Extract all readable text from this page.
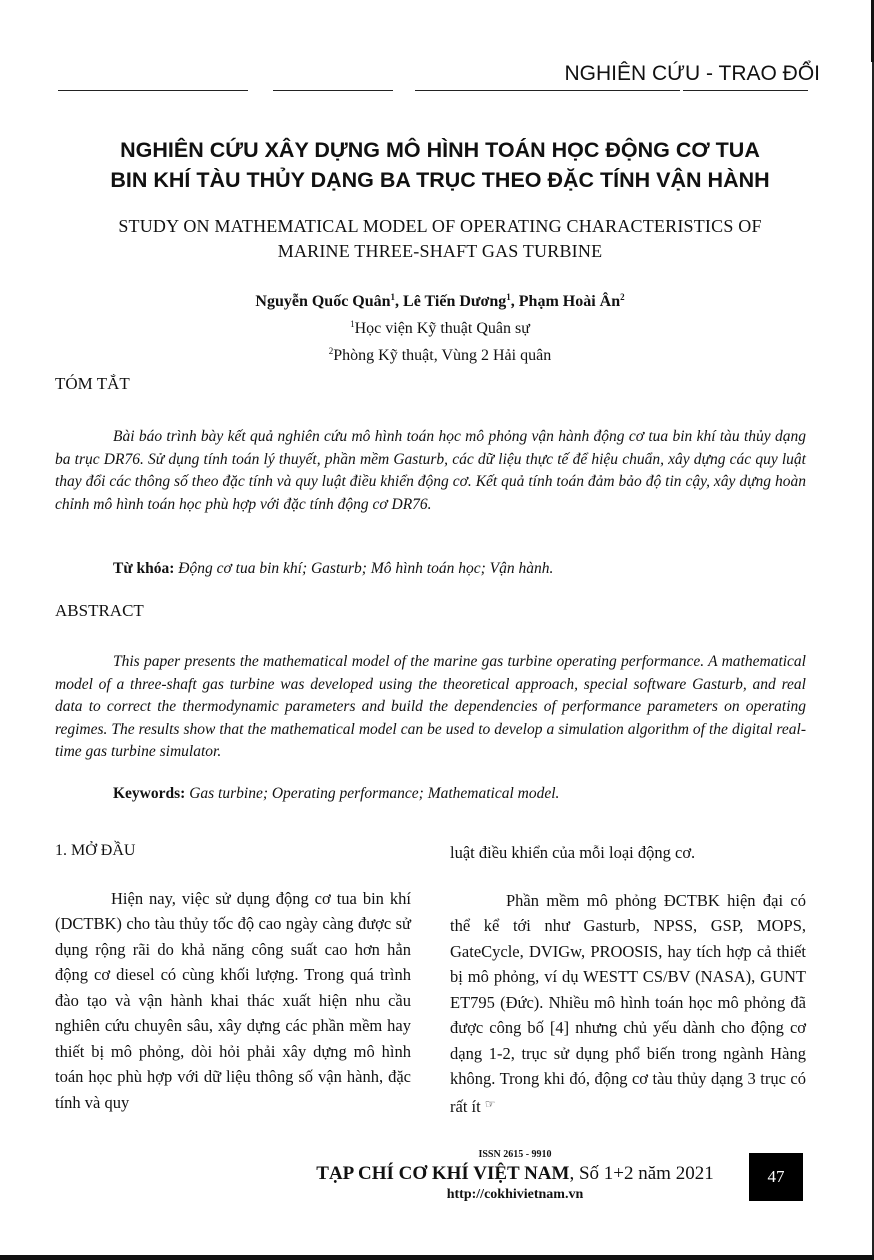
NGHIÊN CỨU - TRAO ĐỔI
NGHIÊN CỨU XÂY DỰNG MÔ HÌNH TOÁN HỌC ĐỘNG CƠ TUA
BIN KHÍ TÀU THỦY DẠNG BA TRỤC THEO ĐẶC TÍNH VẬN HÀNH
STUDY ON MATHEMATICAL MODEL OF OPERATING CHARACTERISTICS OF
MARINE THREE-SHAFT GAS TURBINE
Nguyễn Quốc Quân$^1$, Lê Tiến Dương$^1$, Phạm Hoài $Ân^2$
$^1$Học viện Kỹ thuật Quân sự
$^2$Phòng Kỹ thuật, Vùng 2 Hải quân
TÓM TẮT

Bài báo trình bày kết quả nghiên cứu mô hình toán học mô phỏng vận hành động cơ tua bin khí tàu thủy dạng ba trục DR76. Sử dụng tính toán lý thuyết, phần mềm Gasturb, các dữ liệu thực tế để hiệu chuẩn, xây dựng các quy luật thay đổi các thông số theo đặc tính và quy luật điều khiển động cơ. Kết quả tính toán đảm bảo độ tin cậy, xây dựng hoàn chỉnh mô hình toán học phù hợp với đặc tính động cơ DR76.

Từ khóa: Động cơ tua bin khí; Gasturb; Mô hình toán học; Vận hành.
ABSTRACT

This paper presents the mathematical model of the marine gas turbine operating performance. A mathematical model of a three-shaft gas turbine was developed using the theoretical approach, special software Gasturb, and real data to correct the thermodynamic parameters and build the dependencies of performance parameters on operating regimes. The results show that the mathematical model can be used to develop a simulation algorithm of the digital real-time gas turbine simulator.

Keywords: Gas turbine; Operating performance; Mathematical model.

1. MỞ ĐẦU

Hiện nay, việc sử dụng động cơ tua bin khí (DCTBK) cho tàu thủy tốc độ cao ngày càng được sử dụng rộng rãi do khả năng công suất cao hơn hẳn động cơ diesel có cùng khối lượng. Trong quá trình đào tạo và vận hành khai thác xuất hiện nhu cầu nghiên cứu chuyên sâu, xây dựng các phần mềm hay thiết bị mô phỏng, dòi hỏi phải xây dựng mô hình toán học phù hợp với dữ liệu thông số vận hành, đặc tính và quy

luật điều khiển của mỗi loại động cơ.

Phần mềm mô phỏng ĐCTBK hiện đại có thể kể tới như Gasturb, NPSS, GSP, MOPS, GateCycle, DVIGw, PROOSIS, hay tích hợp cả thiết bị mô phỏng, ví dụ WESTT CS/BV (NASA), GUNT ET795 (Đức). Nhiều mô hình toán học mô phỏng đã được công bố [4] nhưng chủ yếu dành cho động cơ dạng 1-2, trục sử dụng phổ biến trong ngành Hàng không. Trong khi đó, động cơ tàu thủy dạng 3 trục có rất ít ☞

ISSN 2615 - 9910
TẠP CHÍ CƠ KHÍ VIỆT NAM, Số 1+2 năm 2021
http://cokhivietnam.vn
47
